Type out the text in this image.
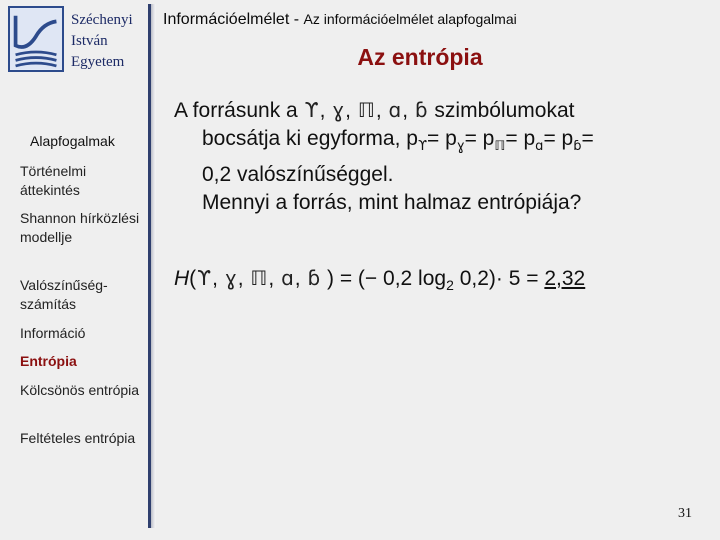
Széchenyi
István
Egyetem
Információelmélet - Az információelmélet alapfogalmai
Az entrópia
Alapfogalmak
Történelmi áttekintés
Shannon hírközlési modellje
Valószínűség-számítás
Információ
Entrópia
Kölcsönös entrópia
Feltételes entrópia
A forrásunk a ϒ, ɣ, ℿ, ɑ, ɓ szimbólumokat
bocsátja ki egyforma, $p_ϒ= p_ɣ= p_ℿ= p_ɑ= p_ɓ=$
0,2 valószínűséggel.
Mennyi a forrás, mint halmaz entrópiája?
H(ϒ, ɣ, ℿ, ɑ, ɓ ) = (− 0,2 $\log_2 0,2)\cdot 5 = 2,32$
31
